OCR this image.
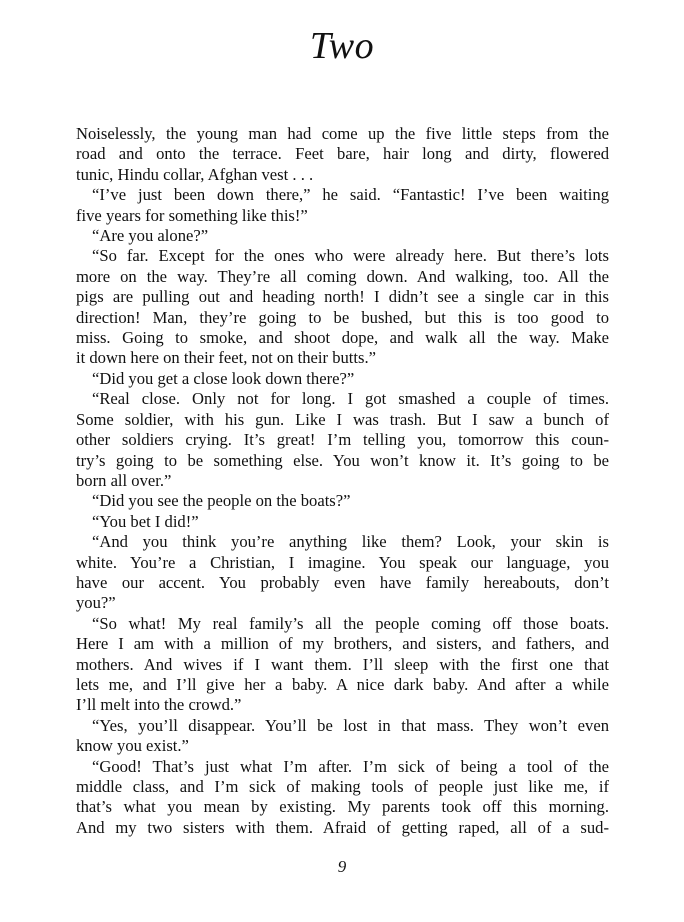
Two
Noiselessly, the young man had come up the five little steps from the
road and onto the terrace. Feet bare, hair long and dirty, flowered
tunic, Hindu collar, Afghan vest . . .
“I’ve just been down there,” he said. “Fantastic! I’ve been waiting
five years for something like this!”
“Are you alone?”
“So far. Except for the ones who were already here. But there’s lots
more on the way. They’re all coming down. And walking, too. All the
pigs are pulling out and heading north! I didn’t see a single car in this
direction! Man, they’re going to be bushed, but this is too good to
miss. Going to smoke, and shoot dope, and walk all the way. Make
it down here on their feet, not on their butts.”
“Did you get a close look down there?”
“Real close. Only not for long. I got smashed a couple of times.
Some soldier, with his gun. Like I was trash. But I saw a bunch of
other soldiers crying. It’s great! I’m telling you, tomorrow this coun-
try’s going to be something else. You won’t know it. It’s going to be
born all over.”
“Did you see the people on the boats?”
“You bet I did!”
“And you think you’re anything like them? Look, your skin is
white. You’re a Christian, I imagine. You speak our language, you
have our accent. You probably even have family hereabouts, don’t
you?”
“So what! My real family’s all the people coming off those boats.
Here I am with a million of my brothers, and sisters, and fathers, and
mothers. And wives if I want them. I’ll sleep with the first one that
lets me, and I’ll give her a baby. A nice dark baby. And after a while
I’ll melt into the crowd.”
“Yes, you’ll disappear. You’ll be lost in that mass. They won’t even
know you exist.”
“Good! That’s just what I’m after. I’m sick of being a tool of the
middle class, and I’m sick of making tools of people just like me, if
that’s what you mean by existing. My parents took off this morning.
And my two sisters with them. Afraid of getting raped, all of a sud-
9
